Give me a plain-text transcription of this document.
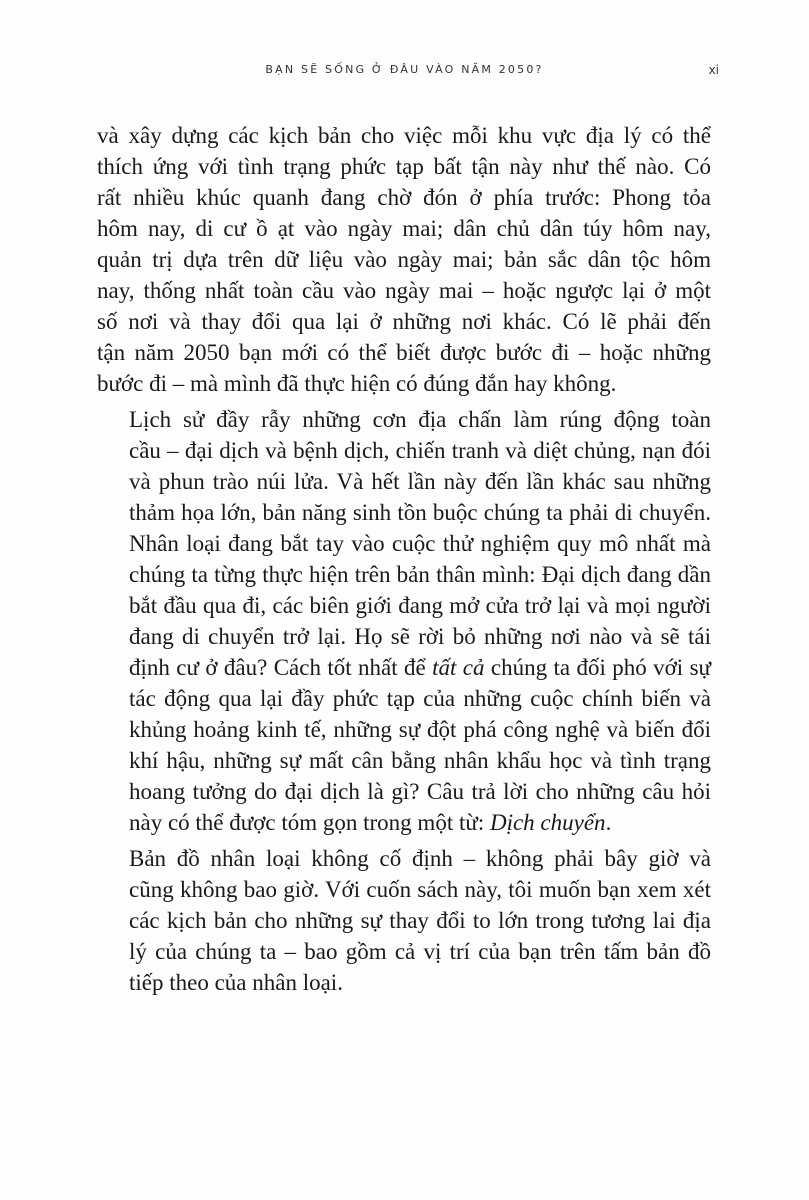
BẠN SẼ SỐNG Ở ĐÂU VÀO NĂM 2050?	xi

và xây dựng các kịch bản cho việc mỗi khu vực địa lý có thể
thích ứng với tình trạng phức tạp bất tận này như thế nào. Có
rất nhiều khúc quanh đang chờ đón ở phía trước: Phong tỏa
hôm nay, di cư ồ ạt vào ngày mai; dân chủ dân túy hôm nay,
quản trị dựa trên dữ liệu vào ngày mai; bản sắc dân tộc hôm
nay, thống nhất toàn cầu vào ngày mai – hoặc ngược lại ở một
số nơi và thay đổi qua lại ở những nơi khác. Có lẽ phải đến
tận năm 2050 bạn mới có thể biết được bước đi – hoặc những
bước đi – mà mình đã thực hiện có đúng đắn hay không.

Lịch sử đầy rẫy những cơn địa chấn làm rúng động toàn
cầu – đại dịch và bệnh dịch, chiến tranh và diệt chủng, nạn đói
và phun trào núi lửa. Và hết lần này đến lần khác sau những
thảm họa lớn, bản năng sinh tồn buộc chúng ta phải di chuyển.
Nhân loại đang bắt tay vào cuộc thử nghiệm quy mô nhất mà
chúng ta từng thực hiện trên bản thân mình: Đại dịch đang dần
bắt đầu qua đi, các biên giới đang mở cửa trở lại và mọi người
đang di chuyển trở lại. Họ sẽ rời bỏ những nơi nào và sẽ tái
định cư ở đâu? Cách tốt nhất để tất cả chúng ta đối phó với sự
tác động qua lại đầy phức tạp của những cuộc chính biến và
khủng hoảng kinh tế, những sự đột phá công nghệ và biến đổi
khí hậu, những sự mất cân bằng nhân khẩu học và tình trạng
hoang tưởng do đại dịch là gì? Câu trả lời cho những câu hỏi
này có thể được tóm gọn trong một từ: Dịch chuyển.

Bản đồ nhân loại không cố định – không phải bây giờ và
cũng không bao giờ. Với cuốn sách này, tôi muốn bạn xem xét
các kịch bản cho những sự thay đổi to lớn trong tương lai địa
lý của chúng ta – bao gồm cả vị trí của bạn trên tấm bản đồ
tiếp theo của nhân loại.
